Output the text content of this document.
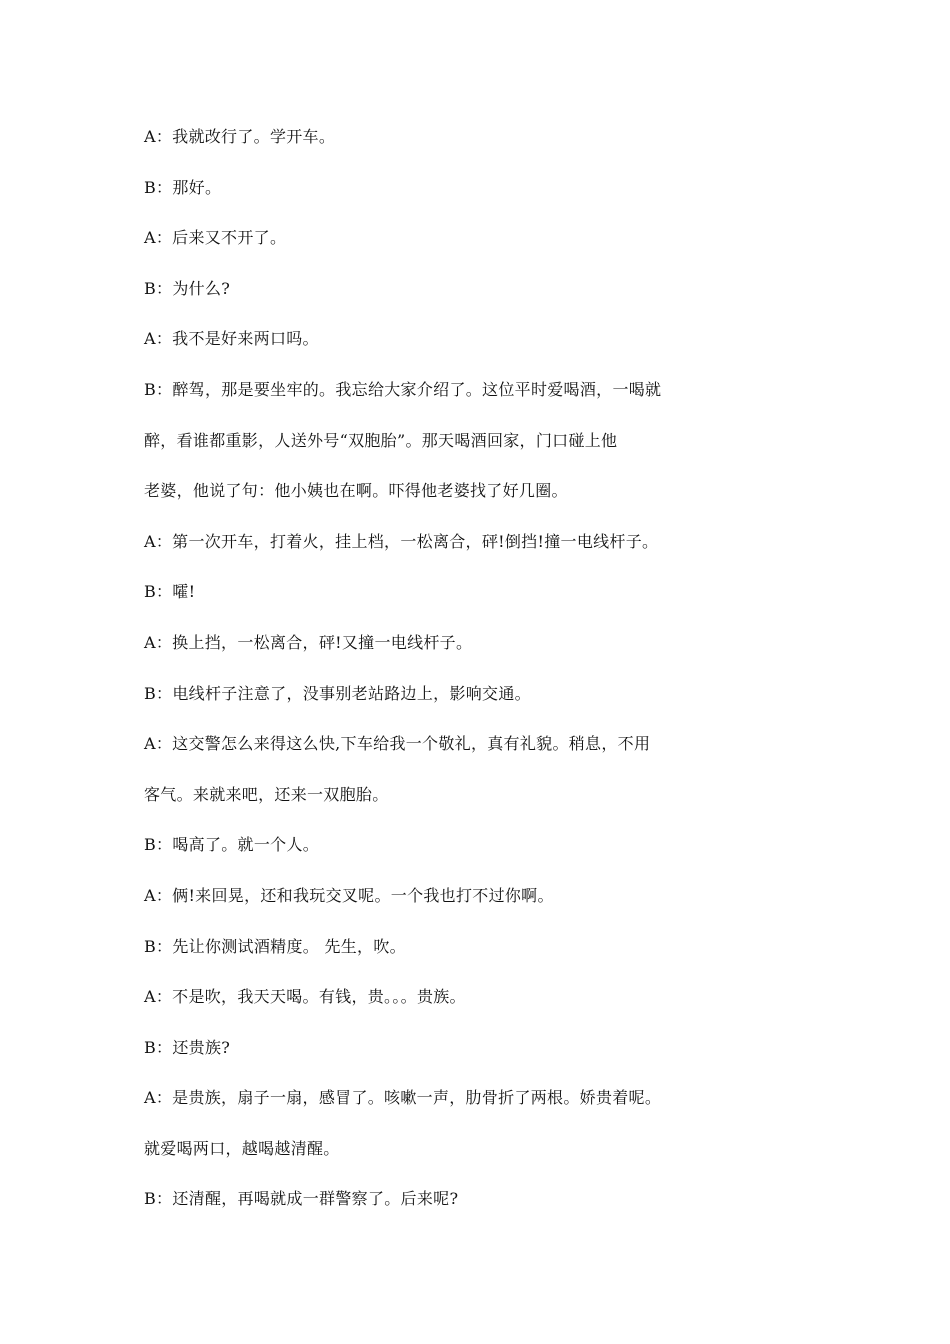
A：我就改行了。学开车。
B：那好。
A：后来又不开了。
B：为什么?
A：我不是好来两口吗。
B：醉驾，那是要坐牢的。我忘给大家介绍了。这位平时爱喝酒，一喝就
醉，看谁都重影，人送外号“双胞胎”。那天喝酒回家，门口碰上他
老婆，他说了句：他小姨也在啊。吓得他老婆找了好几圈。
A：第一次开车，打着火，挂上档，一松离合，砰!倒挡!撞一电线杆子。
B：嚯!
A：换上挡，一松离合，砰!又撞一电线杆子。
B：电线杆子注意了，没事别老站路边上，影响交通。
A：这交警怎么来得这么快,下车给我一个敬礼，真有礼貌。稍息，不用
客气。来就来吧，还来一双胞胎。
B：喝高了。就一个人。
A：俩!来回晃，还和我玩交叉呢。一个我也打不过你啊。
B：先让你测试酒精度。 先生，吹。
A：不是吹，我天天喝。有钱，贵。。。贵族。
B：还贵族?
A：是贵族，扇子一扇，感冒了。咳嗽一声，肋骨折了两根。娇贵着呢。
就爱喝两口，越喝越清醒。
B：还清醒，再喝就成一群警察了。后来呢?
